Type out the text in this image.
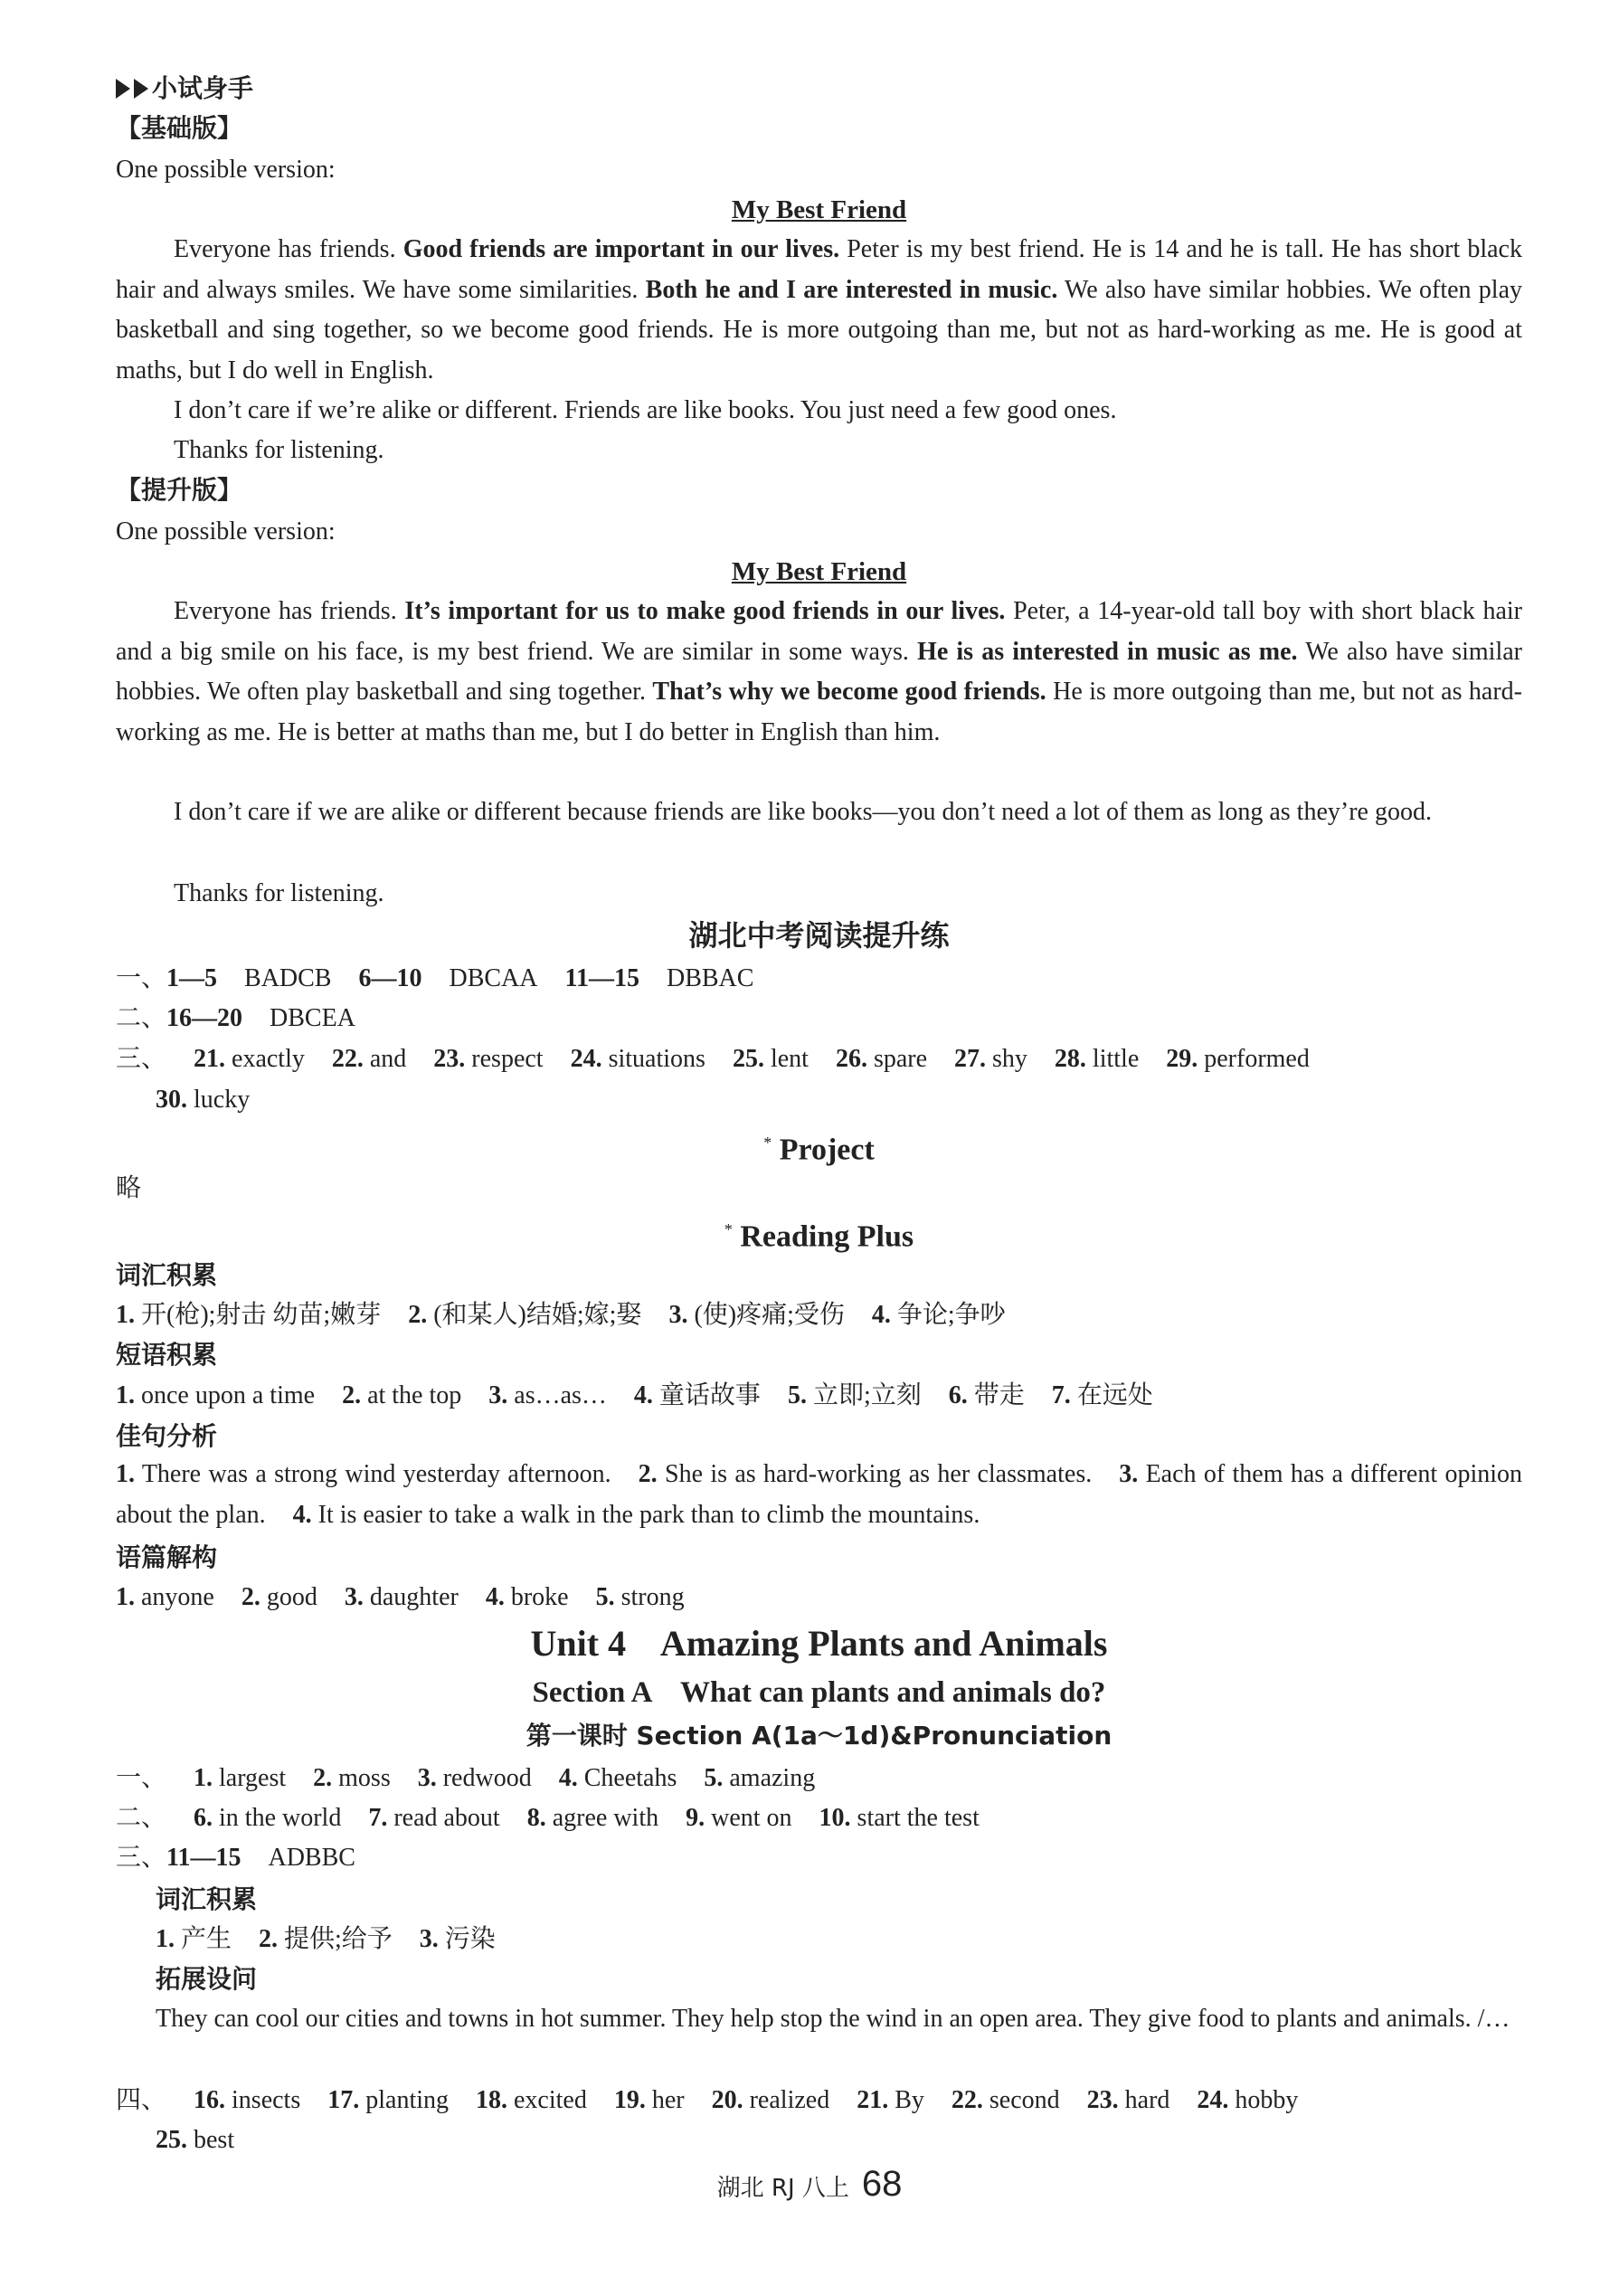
小试身手
【基础版】
One possible version:
My Best Friend
Everyone has friends. Good friends are important in our lives. Peter is my best friend. He is 14 and he is tall. He has short black hair and always smiles. We have some similarities. Both he and I are interested in music. We also have similar hobbies. We often play basketball and sing together, so we become good friends. He is more outgoing than me, but not as hard-working as me. He is good at maths, but I do well in English.
I don’t care if we’re alike or different. Friends are like books. You just need a few good ones.
Thanks for listening.
【提升版】
One possible version:
My Best Friend
Everyone has friends. It’s important for us to make good friends in our lives. Peter, a 14-year-old tall boy with short black hair and a big smile on his face, is my best friend. We are similar in some ways. He is as interested in music as me. We also have similar hobbies. We often play basketball and sing together. That’s why we become good friends. He is more outgoing than me, but not as hard-working as me. He is better at maths than me, but I do better in English than him.
I don’t care if we are alike or different because friends are like books—you don’t need a lot of them as long as they’re good.
Thanks for listening.
湖北中考阅读提升练
一、1—5 BADCB 6—10 DBCAA 11—15 DBBAC
二、16—20 DBCEA
三、 21. exactly 22. and 23. respect 24. situations 25. lent 26. spare 27. shy 28. little 29. performed
30. lucky
* Project
略
* Reading Plus
词汇积累
1. 开(枪);射击 幼苗;嫩芽 2. (和某人)结婚;嫁;娶 3. (使)疼痛;受伤 4. 争论;争吵
短语积累
1. once upon a time 2. at the top 3. as…as… 4. 童话故事 5. 立即;立刻 6. 带走 7. 在远处
佳句分析
1. There was a strong wind yesterday afternoon. 2. She is as hard-working as her classmates. 3. Each of them has a different opinion about the plan. 4. It is easier to take a walk in the park than to climb the mountains.
语篇解构
1. anyone 2. good 3. daughter 4. broke 5. strong
Unit 4    Amazing Plants and Animals
Section A    What can plants and animals do?
第一课时 Section A(1a～1d)&Pronunciation
一、 1. largest 2. moss 3. redwood 4. Cheetahs 5. amazing
二、 6. in the world 7. read about 8. agree with 9. went on 10. start the test
三、11—15 ADBBC
词汇积累
1. 产生 2. 提供;给予 3. 污染
拓展设问
They can cool our cities and towns in hot summer. They help stop the wind in an open area. They give food to plants and animals. /…
四、 16. insects 17. planting 18. excited 19. her 20. realized 21. By 22. second 23. hard 24. hobby
25. best
湖北 RJ 八上 68
